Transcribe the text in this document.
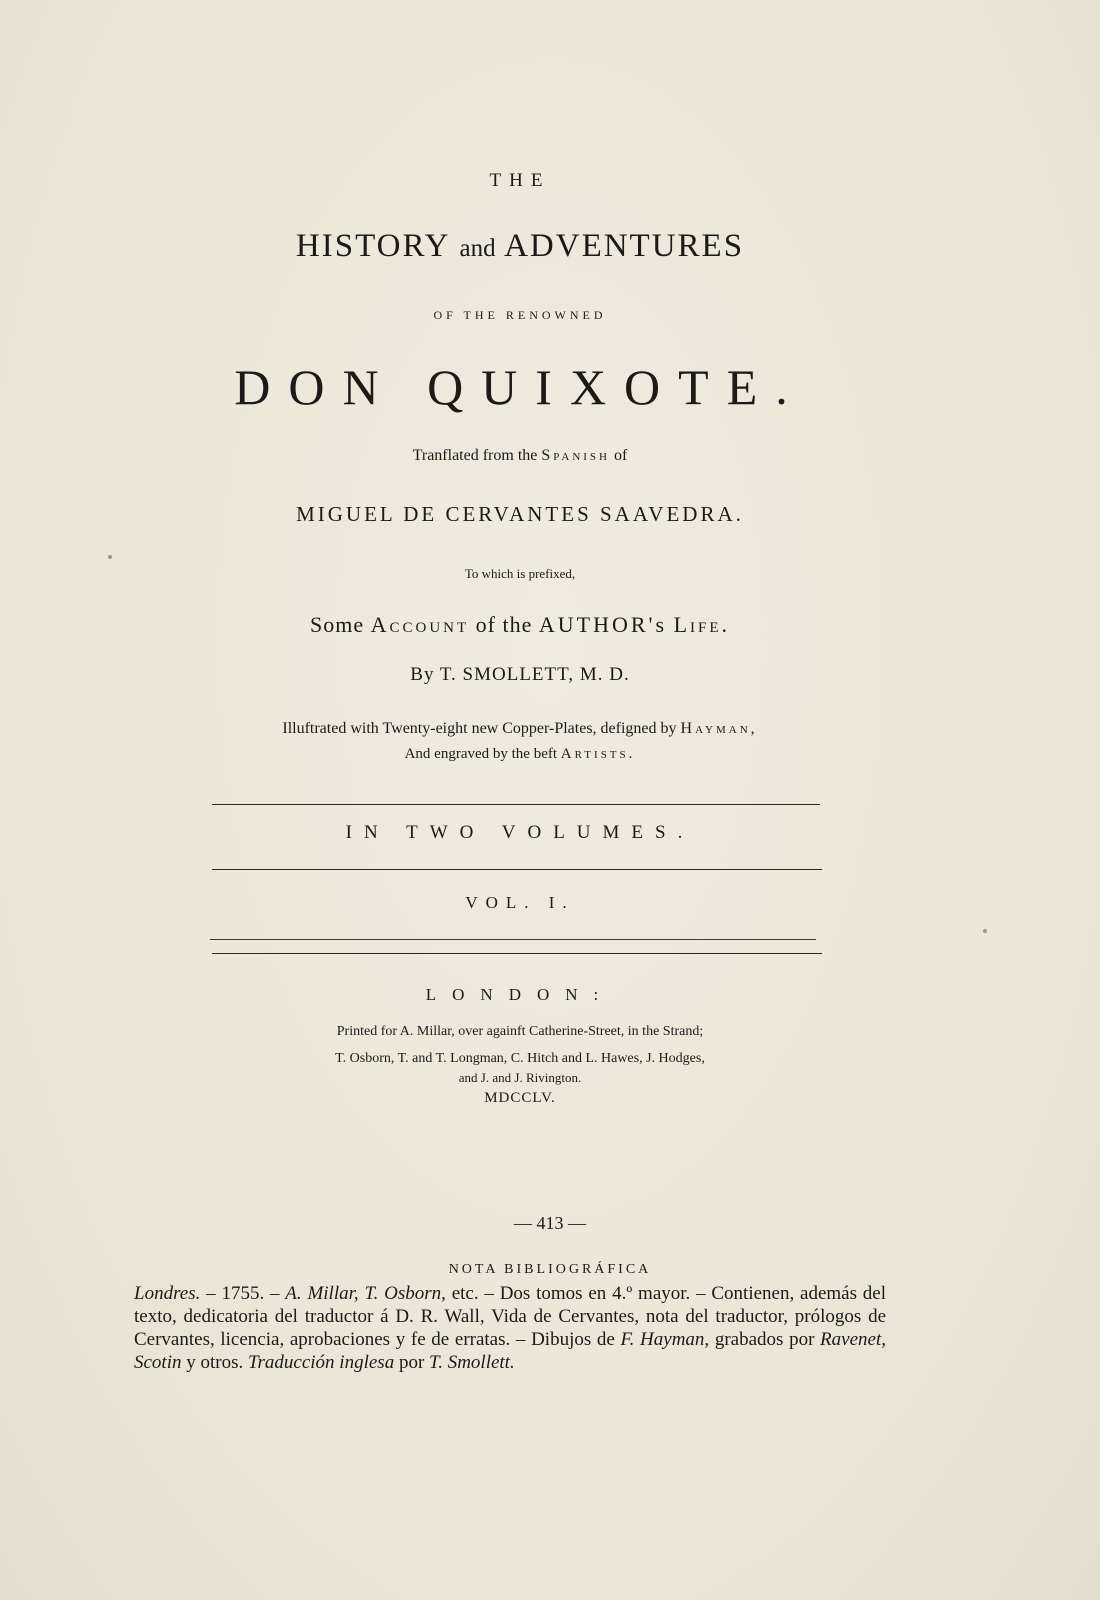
THE
HISTORY and ADVENTURES
OF THE RENOWNED
DON QUIXOTE.
Tranflated from the Spanish of
MIGUEL DE CERVANTES SAAVEDRA.
To which is prefixed,
Some Account of the AUTHOR's Life.
By T. SMOLLETT, M. D.
Illuftrated with Twenty-eight new Copper-Plates, defigned by Hayman,
And engraved by the beft Artists.
IN TWO VOLUMES.
VOL. I.
LONDON:
Printed for A. Millar, over againft Catherine-Street, in the Strand;
T. Osborn, T. and T. Longman, C. Hitch and L. Hawes, J. Hodges,
and J. and J. Rivington.
MDCCLV.
— 413 —
NOTA BIBLIOGRÁFICA
Londres. – 1755. – A. Millar, T. Osborn, etc. – Dos tomos en 4.º mayor. – Contienen, además del texto, dedicatoria del traductor á D. R. Wall, Vida de Cervantes, nota del traductor, prólogos de Cervantes, licencia, aprobaciones y fe de erratas. – Dibujos de F. Hayman, grabados por Ravenet, Scotin y otros. Traducción inglesa por T. Smollett.
